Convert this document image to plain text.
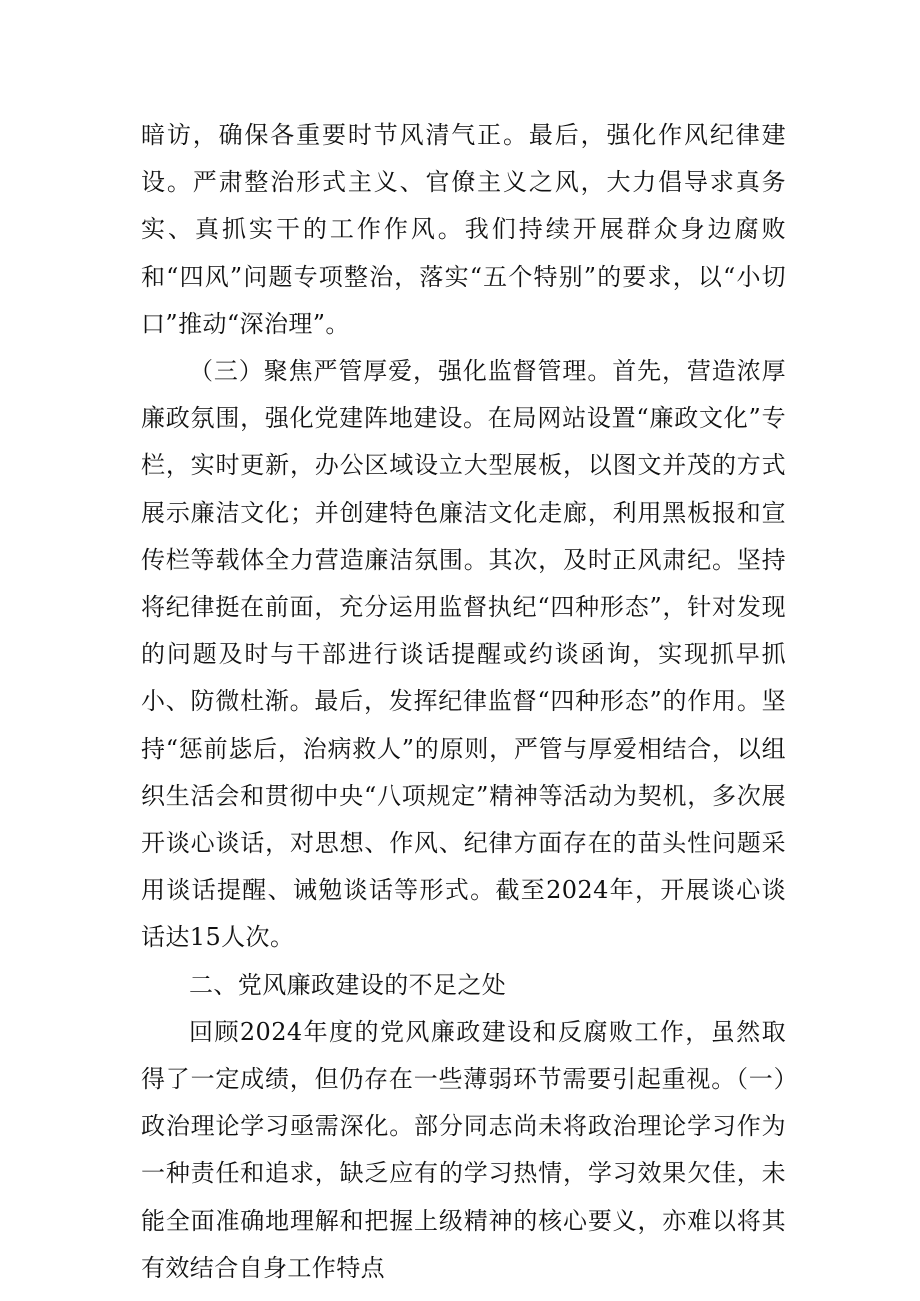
暗访，确保各重要时节风清气正。最后，强化作风纪律建设。严肃整治形式主义、官僚主义之风，大力倡导求真务实、真抓实干的工作作风。我们持续开展群众身边腐败和“四风”问题专项整治，落实“五个特别”的要求，以“小切口”推动“深治理”。

（三）聚焦严管厚爱，强化监督管理。首先，营造浓厚廉政氛围，强化党建阵地建设。在局网站设置“廉政文化”专栏，实时更新，办公区域设立大型展板，以图文并茂的方式展示廉洁文化；并创建特色廉洁文化走廊，利用黑板报和宣传栏等载体全力营造廉洁氛围。其次，及时正风肃纪。坚持将纪律挺在前面，充分运用监督执纪“四种形态”，针对发现的问题及时与干部进行谈话提醒或约谈函询，实现抓早抓小、防微杜渐。最后，发挥纪律监督“四种形态”的作用。坚持“惩前毖后，治病救人”的原则，严管与厚爱相结合，以组织生活会和贯彻中央“八项规定”精神等活动为契机，多次展开谈心谈话，对思想、作风、纪律方面存在的苗头性问题采用谈话提醒、诫勉谈话等形式。截至2024年，开展谈心谈话达15人次。

二、党风廉政建设的不足之处

回顾2024年度的党风廉政建设和反腐败工作，虽然取得了一定成绩，但仍存在一些薄弱环节需要引起重视。（一）政治理论学习亟需深化。部分同志尚未将政治理论学习作为一种责任和追求，缺乏应有的学习热情，学习效果欠佳，未能全面准确地理解和把握上级精神的核心要义，亦难以将其有效结合自身工作特点
